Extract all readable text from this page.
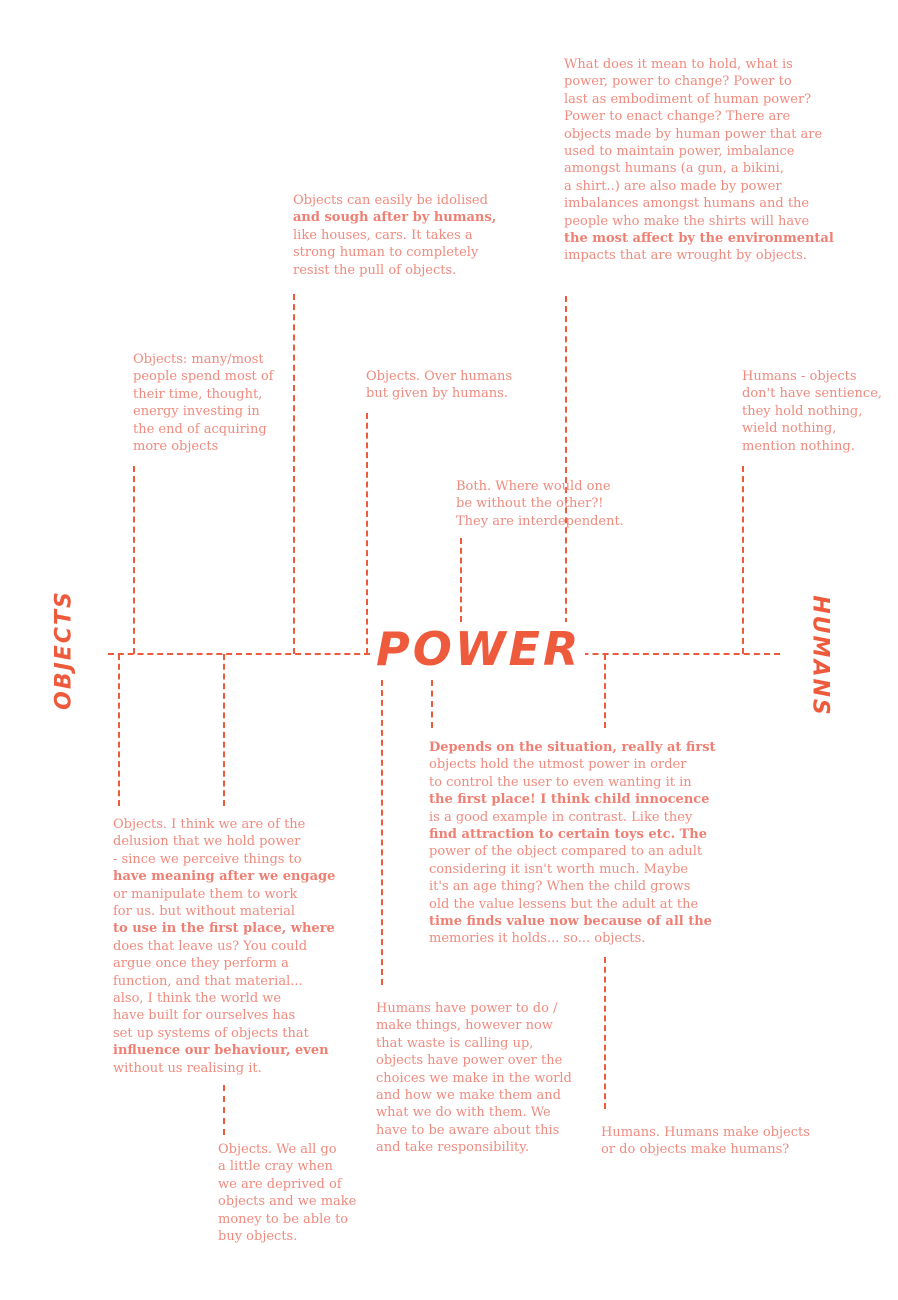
POWER

OBJECTS	HUMANS

What does it mean to hold, what is
power, power to change? Power to
last as embodiment of human power?
Power to enact change? There are
objects made by human power that are
used to maintain power, imbalance
amongst humans (a gun, a bikini,
a shirt..) are also made by power
imbalances amongst humans and the
people who make the shirts will have
the most affect by the environmental
impacts that are wrought by objects.
Objects can easily be idolised
and sough after by humans,
like houses, cars. It takes a
strong human to completely
resist the pull of objects.
Objects: many/most
people spend most of
their time, thought,
energy investing in
the end of acquiring
more objects
Objects. Over humans
but given by humans.
Humans - objects
don't have sentience,
they hold nothing,
wield nothing,
mention nothing.
Both. Where would one
be without the other?!
They are interdependent.
Depends on the situation, really at first
objects hold the utmost power in order
to control the user to even wanting it in
the first place! I think child innocence
is a good example in contrast. Like they
find attraction to certain toys etc. The
power of the object compared to an adult
considering it isn't worth much. Maybe
it's an age thing? When the child grows
old the value lessens but the adult at the
time finds value now because of all the
memories it holds... so... objects.
Objects. I think we are of the
delusion that we hold power
- since we perceive things to
have meaning after we engage
or manipulate them to work
for us. but without material
to use in the first place, where
does that leave us? You could
argue once they perform a
function, and that material...
also, I think the world we
have built for ourselves has
set up systems of objects that
influence our behaviour, even
without us realising it.
Humans have power to do /
make things, however now
that waste is calling up,
objects have power over the
choices we make in the world
and how we make them and
what we do with them. We
have to be aware about this
and take responsibility.
Humans. Humans make objects
or do objects make humans?
Objects. We all go
a little cray when
we are deprived of
objects and we make
money to be able to
buy objects.
